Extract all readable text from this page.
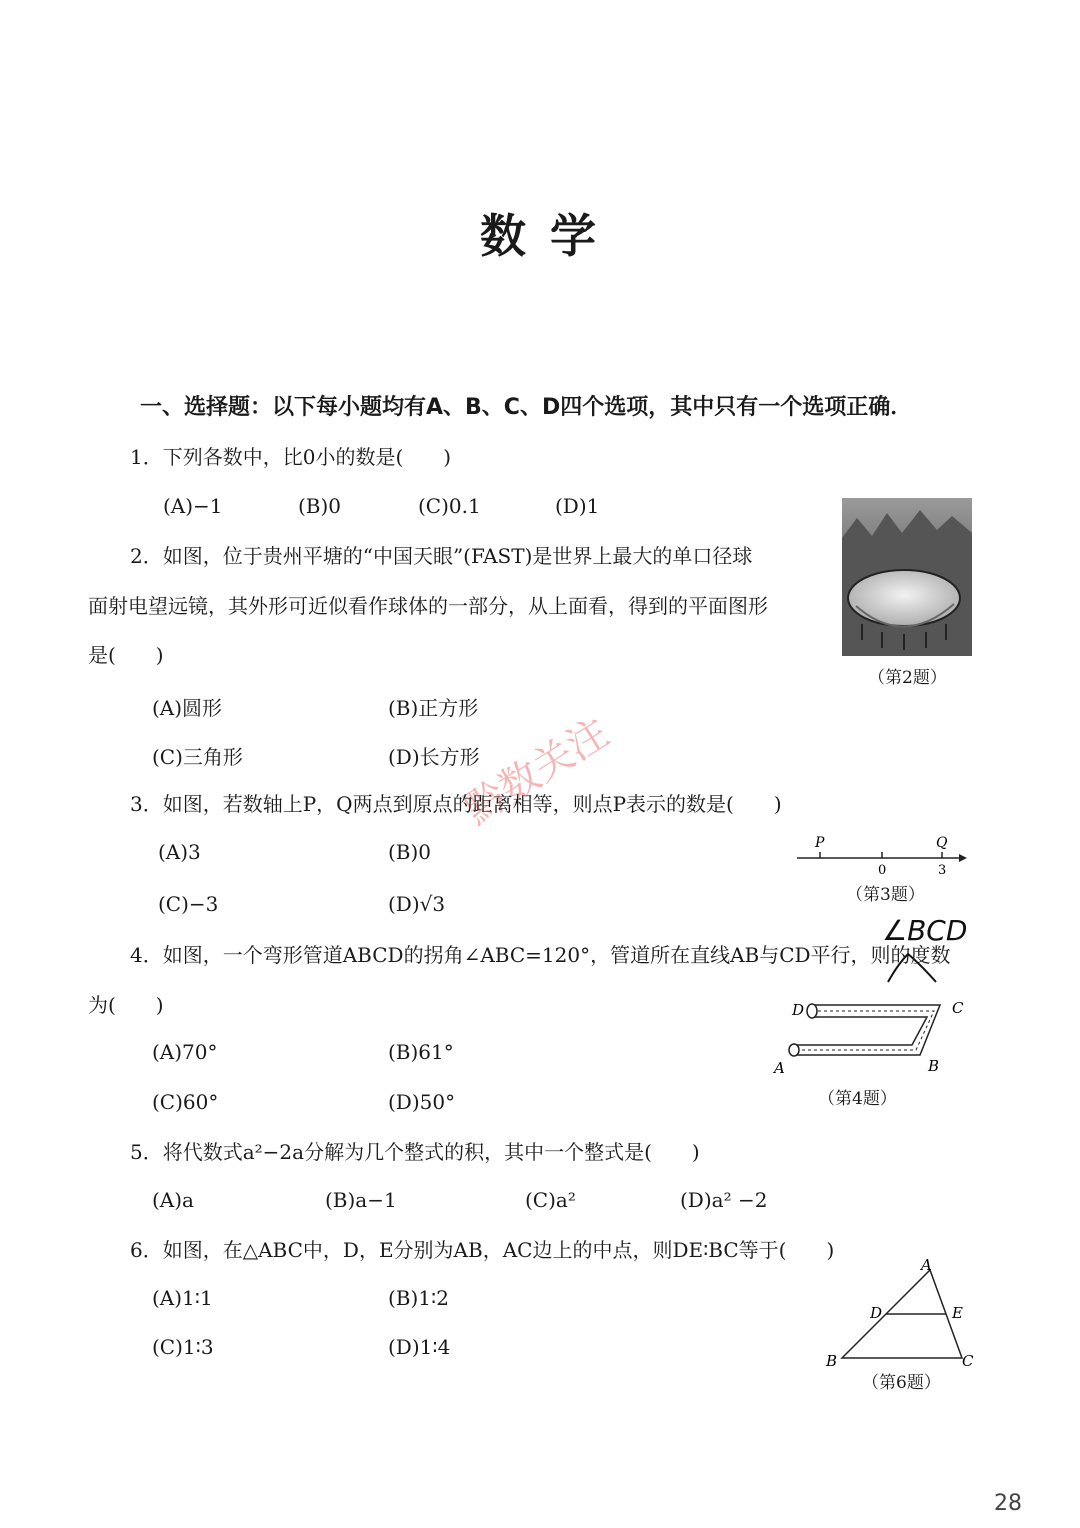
数 学
一、选择题：以下每小题均有A、B、C、D四个选项，其中只有一个选项正确．
1．下列各数中，比0小的数是(　　)
(A)−1	(B)0	(C)0.1	(D)1
2．如图，位于贵州平塘的“中国天眼”(FAST)是世界上最大的单口径球
面射电望远镜，其外形可近似看作球体的一部分，从上面看，得到的平面图形
是(　　)
(A)圆形	(B)正方形
(C)三角形	(D)长方形
（第2题）
黔数关注
3．如图，若数轴上P，Q两点到原点的距离相等，则点P表示的数是(　　)
(A)3	(B)0
(C)−3	(D)√3
P	Q
0	3
（第3题）
∠BCD
4．如图，一个弯形管道ABCD的拐角∠ABC=120°，管道所在直线AB与CD平行，则的度数
为(　　)
(A)70°	(B)61°
(C)60°	(D)50°
D	C
A	B
（第4题）
5．将代数式a²−2a分解为几个整式的积，其中一个整式是(　　)
(A)a	(B)a−1	(C)a²	(D)a² −2
6．如图，在△ABC中，D，E分别为AB，AC边上的中点，则DE∶BC等于(　　)
(A)1∶1	(B)1∶2
(C)1∶3	(D)1∶4
A
D	E
B	C
（第6题）
28
